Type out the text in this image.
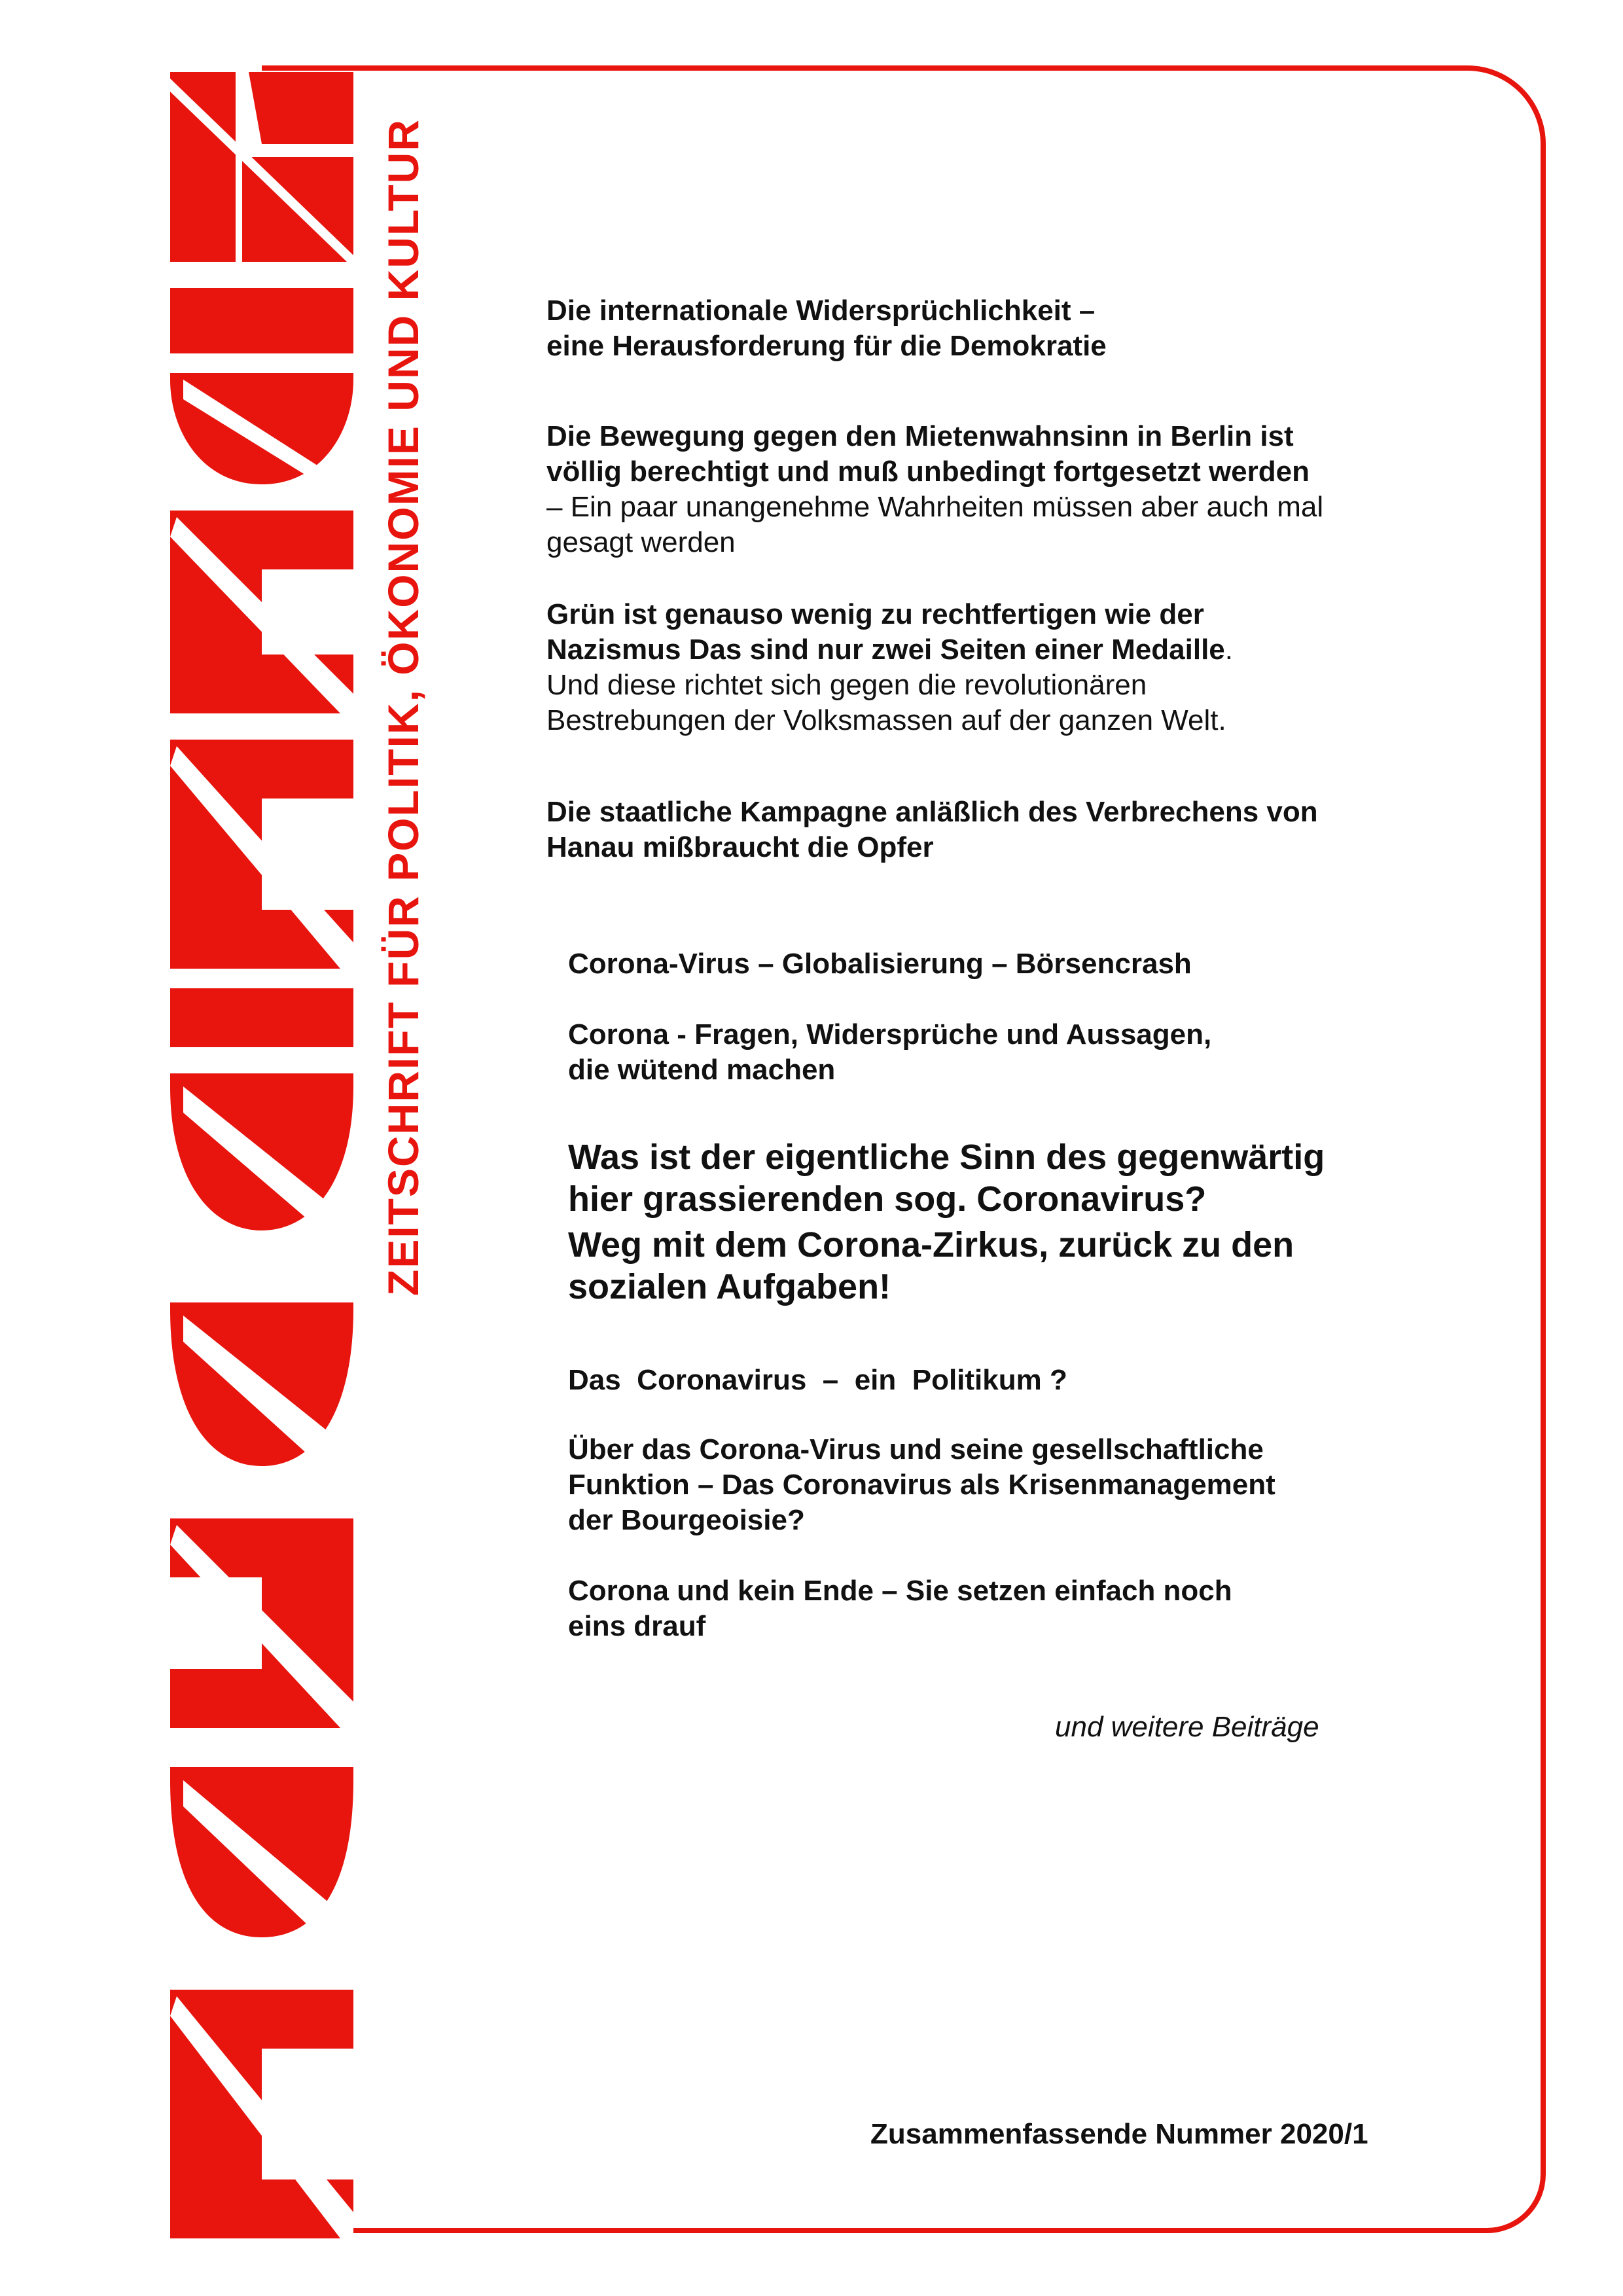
ZEITSCHRIFT FÜR POLITIK, ÖKONOMIE UND KULTUR	Die internationale Widersprüchlichkeit –
eine Herausforderung für die Demokratie
Die Bewegung gegen den Mietenwahnsinn in Berlin ist
völlig berechtigt und muß unbedingt fortgesetzt werden
– Ein paar unangenehme Wahrheiten müssen aber auch mal
gesagt werden
Grün ist genauso wenig zu rechtfertigen wie der
Nazismus Das sind nur zwei Seiten einer Medaille.
Und diese richtet sich gegen die revolutionären
Bestrebungen der Volksmassen auf der ganzen Welt.
Die staatliche Kampagne anläßlich des Verbrechens von
Hanau mißbraucht die Opfer
Corona-Virus – Globalisierung – Börsencrash
Corona - Fragen, Widersprüche und Aussagen,
die wütend machen
Was ist der eigentliche Sinn des gegenwärtig
hier grassierenden sog. Coronavirus?
Weg mit dem Corona-Zirkus, zurück zu den
sozialen Aufgaben!
Das  Coronavirus  –  ein  Politikum ?
Über das Corona-Virus und seine gesellschaftliche
Funktion – Das Coronavirus als Krisenmanagement
der Bourgeoisie?
Corona und kein Ende – Sie setzen einfach noch
eins drauf
und weitere Beiträge
Zusammenfassende Nummer 2020/1
